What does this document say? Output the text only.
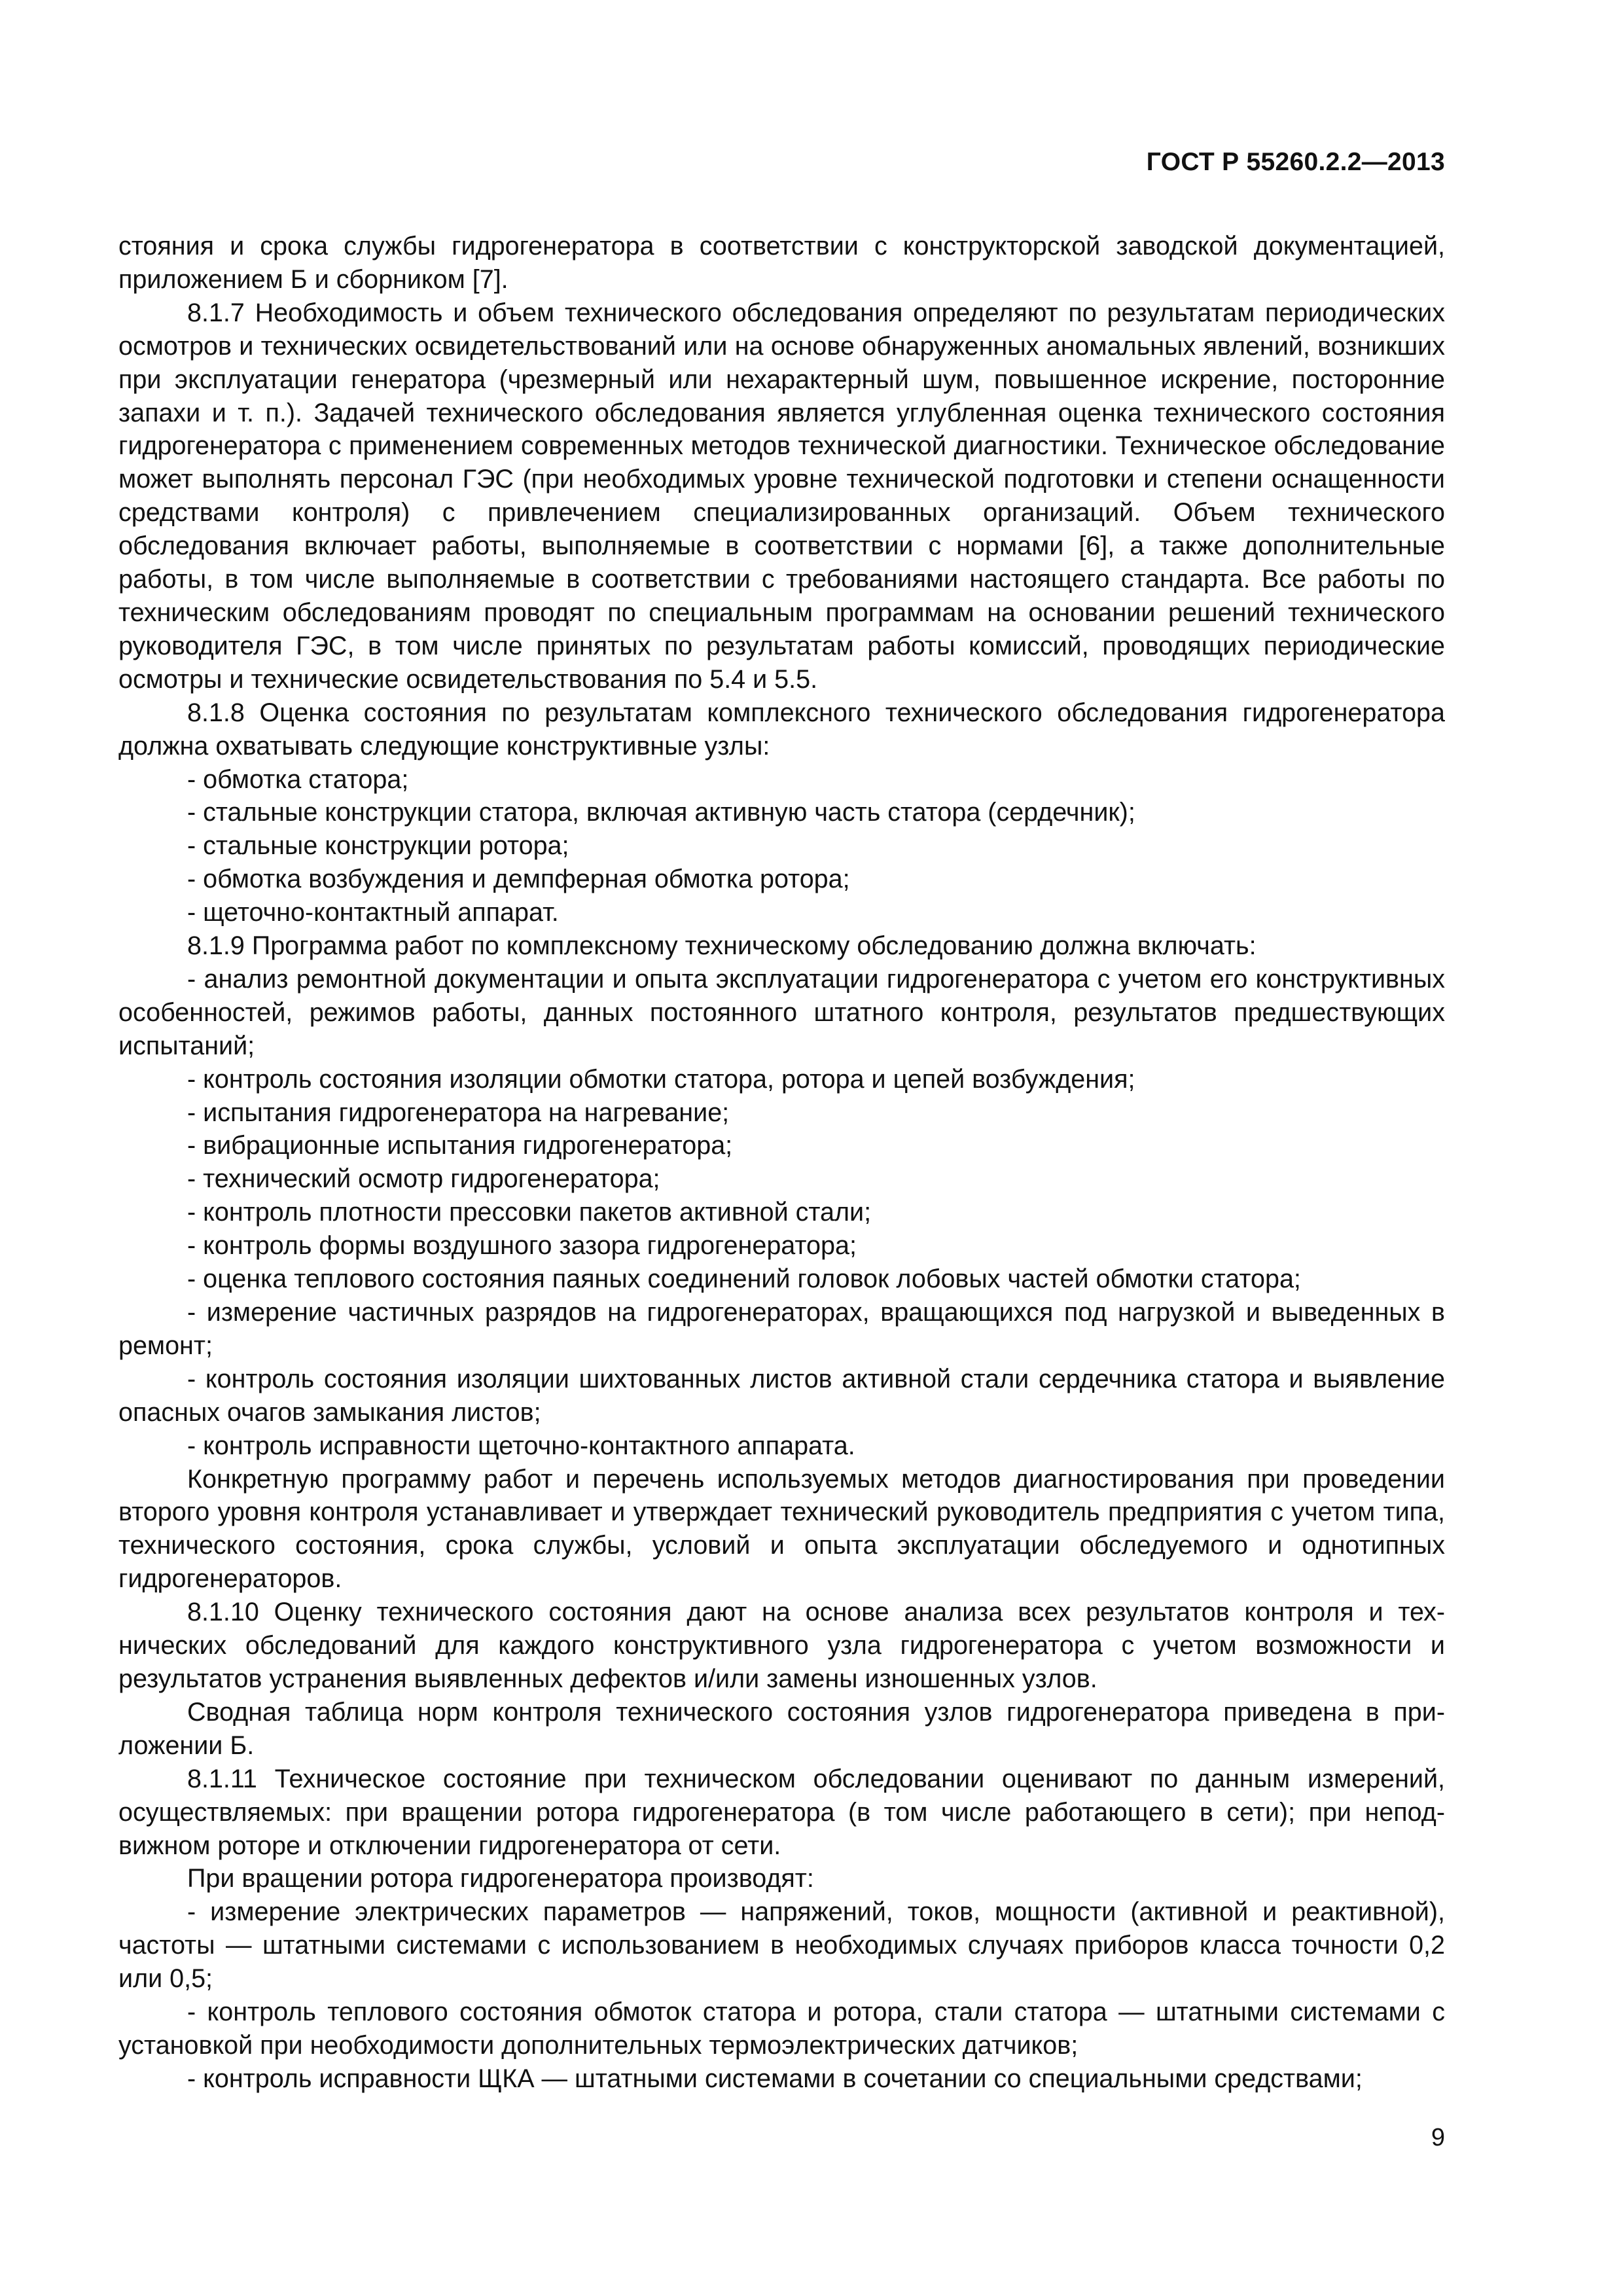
ГОСТ Р 55260.2.2—2013

стояния и срока службы гидрогенератора в соответствии с конструкторской заводской документацией, приложением Б и сборником [7].

8.1.7 Необходимость и объем технического обследования определяют по результатам периодических осмотров и технических освидетельствований или на основе обнаруженных аномальных явлений, возникших при эксплуатации генератора (чрезмерный или нехарактерный шум, повышенное искрение, посторонние запахи и т. п.). Задачей технического обследования является углубленная оценка технического состояния гидрогенератора с применением современных методов технической диагностики. Техническое обследование может выполнять персонал ГЭС (при необходимых уровне технической подготовки и степени оснащенности средствами контроля) с привлечением специализированных организаций. Объем технического обследования включает работы, выполняемые в соответствии с нормами [6], а также дополнительные работы, в том числе выполняемые в соответствии с требованиями настоящего стандарта. Все работы по техническим обследованиям проводят по специальным программам на основании решений технического руководителя ГЭС, в том числе принятых по результатам работы комиссий, проводящих периодические осмотры и технические освидетельствования по 5.4 и 5.5.

8.1.8 Оценка состояния по результатам комплексного технического обследования гидрогенератора должна охватывать следующие конструктивные узлы:

- обмотка статора;

- стальные конструкции статора, включая активную часть статора (сердечник);

- стальные конструкции ротора;

- обмотка возбуждения и демпферная обмотка ротора;

- щеточно-контактный аппарат.

8.1.9 Программа работ по комплексному техническому обследованию должна включать:

- анализ ремонтной документации и опыта эксплуатации гидрогенератора с учетом его конструктивных особенностей, режимов работы, данных постоянного штатного контроля, результатов предшествующих испытаний;

- контроль состояния изоляции обмотки статора, ротора и цепей возбуждения;

- испытания гидрогенератора на нагревание;

- вибрационные испытания гидрогенератора;

- технический осмотр гидрогенератора;

- контроль плотности прессовки пакетов активной стали;

- контроль формы воздушного зазора гидрогенератора;

- оценка теплового состояния паяных соединений головок лобовых частей обмотки статора;

- измерение частичных разрядов на гидрогенераторах, вращающихся под нагрузкой и выведенных в ремонт;

- контроль состояния изоляции шихтованных листов активной стали сердечника статора и выявление опасных очагов замыкания листов;

- контроль исправности щеточно-контактного аппарата.

Конкретную программу работ и перечень используемых методов диагностирования при проведении второго уровня контроля устанавливает и утверждает технический руководитель предприятия с учетом типа, технического состояния, срока службы, условий и опыта эксплуатации обследуемого и однотипных гидрогенераторов.

8.1.10 Оценку технического состояния дают на основе анализа всех результатов контроля и технических обследований для каждого конструктивного узла гидрогенератора с учетом возможности и результатов устранения выявленных дефектов и/или замены изношенных узлов.

Сводная таблица норм контроля технического состояния узлов гидрогенератора приведена в приложении Б.

8.1.11 Техническое состояние при техническом обследовании оценивают по данным измерений, осуществляемых: при вращении ротора гидрогенератора (в том числе работающего в сети); при неподвижном роторе и отключении гидрогенератора от сети.

При вращении ротора гидрогенератора производят:

- измерение электрических параметров — напряжений, токов, мощности (активной и реактивной), частоты — штатными системами с использованием в необходимых случаях приборов класса точности 0,2 или 0,5;

- контроль теплового состояния обмоток статора и ротора, стали статора — штатными системами с установкой при необходимости дополнительных термоэлектрических датчиков;

- контроль исправности ЩКА — штатными системами в сочетании со специальными средствами;

9
